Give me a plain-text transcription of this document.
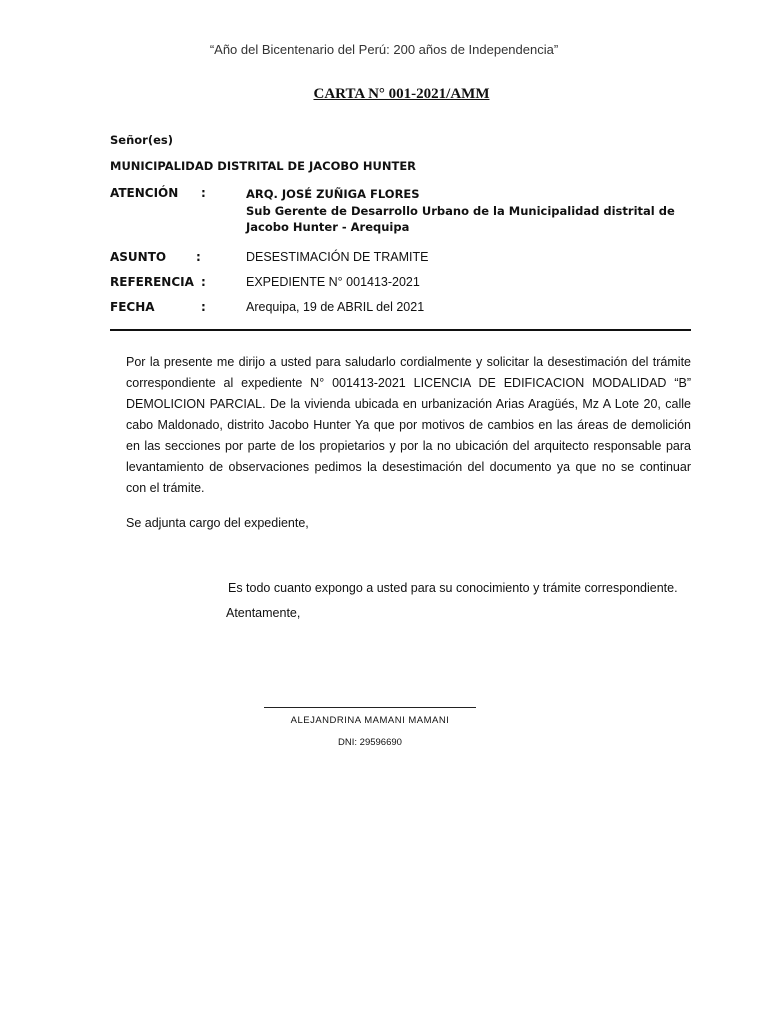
“Año del Bicentenario del Perú: 200 años de Independencia”
CARTA N° 001-2021/AMM
Señor(es)
MUNICIPALIDAD DISTRITAL DE JACOBO HUNTER
ATENCIÓN :	ARQ. JOSÉ ZUÑIGA FLORES
Sub Gerente de Desarrollo Urbano de la Municipalidad distrital de Jacobo Hunter - Arequipa
ASUNTO :	DESESTIMACIÓN DE TRAMITE
REFERENCIA :	EXPEDIENTE N° 001413-2021
FECHA	:	Arequipa, 19 de ABRIL del 2021
Por la presente me dirijo a usted para saludarlo cordialmente y solicitar la desestimación del trámite correspondiente al expediente N° 001413-2021 LICENCIA DE EDIFICACION MODALIDAD “B” DEMOLICION PARCIAL. De la vivienda ubicada en urbanización Arias Aragüés, Mz A Lote 20, calle cabo Maldonado, distrito Jacobo Hunter Ya que por motivos de cambios en las áreas de demolición en las secciones por parte de los propietarios y por la no ubicación del arquitecto responsable para levantamiento de observaciones pedimos la desestimación del documento ya que no se continuar con el trámite.
Se adjunta cargo del expediente,
Es todo cuanto expongo a usted para su conocimiento y trámite correspondiente.
Atentamente,
ALEJANDRINA MAMANI MAMANI
DNI: 29596690
